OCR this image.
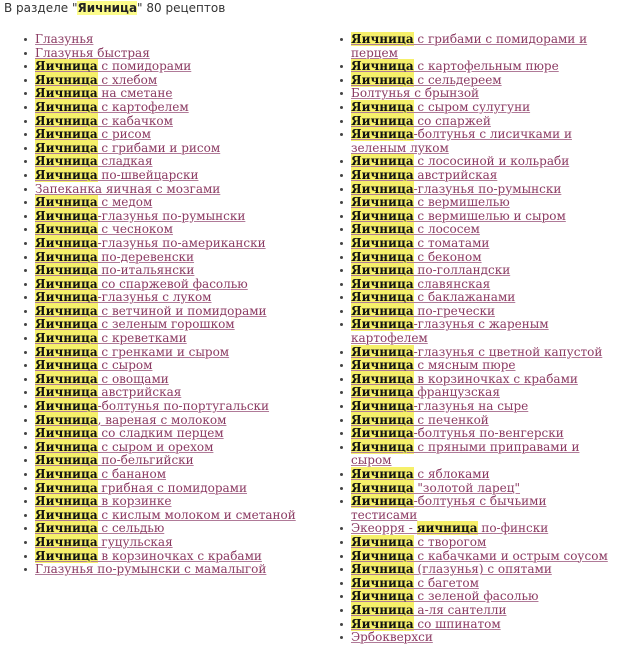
В разделе "Яичница" 80 рецептов
Глазунья
Глазунья быстрая
Яичница с помидорами
Яичница с хлебом
Яичница на сметане
Яичница с картофелем
Яичница с кабачком
Яичница с рисом
Яичница с грибами и рисом
Яичница сладкая
Яичница по-швейцарски
Запеканка яичная с мозгами
Яичница с медом
Яичница-глазунья по-румынски
Яичница с чесноком
Яичница-глазунья по-американски
Яичница по-деревенски
Яичница по-итальянски
Яичница со спаржевой фасолью
Яичница-глазунья с луком
Яичница с ветчиной и помидорами
Яичница с зеленым горошком
Яичница с креветками
Яичница с гренками и сыром
Яичница с сыром
Яичница с овощами
Яичница австрийская
Яичница-болтунья по-португальски
Яичница, вареная с молоком
Яичница со сладким перцем
Яичница с сыром и орехом
Яичница по-бельгийски
Яичница с бананом
Яичница грибная с помидорами
Яичница в корзинке
Яичница с кислым молоком и сметаной
Яичница с сельдью
Яичница гуцульская
Яичница в корзиночках с крабами
Глазунья по-румынски с мамалыгой
Яичница с грибами с помидорами и перцем
Яичница с картофельным пюре
Яичница с сельдереем
Болтунья с брынзой
Яичница с сыром сулугуни
Яичница со спаржей
Яичница-болтунья с лисичками и зеленым луком
Яичница с лососиной и кольраби
Яичница австрийская
Яичница-глазунья по-румынски
Яичница с вермишелью
Яичница с вермишелью и сыром
Яичница с лососем
Яичница с томатами
Яичница с беконом
Яичница по-голландски
Яичница славянская
Яичница с баклажанами
Яичница по-гречески
Яичница-глазунья с жареным картофелем
Яичница-глазунья с цветной капустой
Яичница с мясным пюре
Яичница в корзиночках с крабами
Яичница французская
Яичница-глазунья на сыре
Яичница с печенкой
Яичница-болтунья по-венгерски
Яичница с пряными приправами и сыром
Яичница с яблоками
Яичница "золотой ларец"
Яичница-болтунья с бычьими тестисами
Экеорря - яичница по-фински
Яичница с творогом
Яичница с кабачками и острым соусом
Яичница (глазунья) с опятами
Яичница с багетом
Яичница с зеленой фасолью
Яичница а-ля сантелли
Яичница со шпинатом
Эрбокверхси
